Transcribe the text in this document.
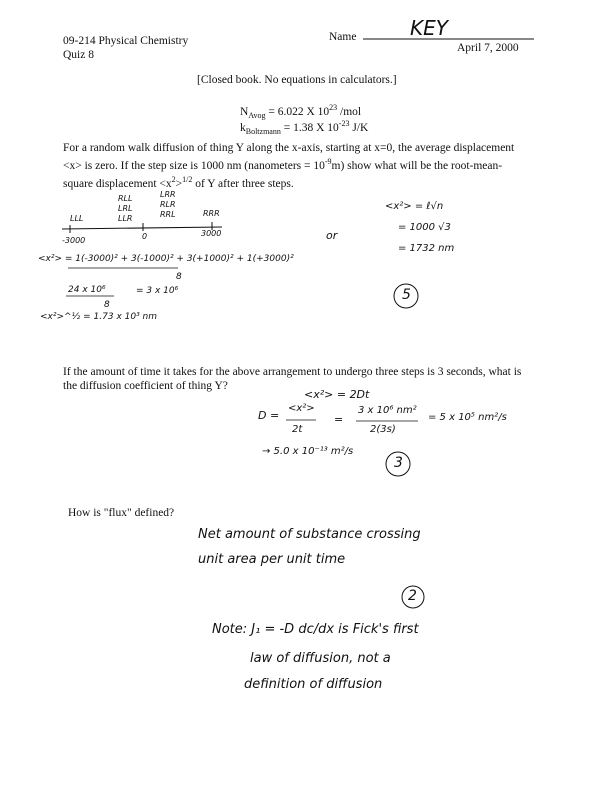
09-214 Physical Chemistry
Quiz 8
Name	KEY
April 7, 2000
[Closed book. No equations in calculators.]
$N_{Avog} = 6.022$ X $10^{23}$ /mol
$k_{Boltzmann} = 1.38$ X $10^{-23}$ J/K
For a random walk diffusion of thing Y along the x-axis, starting at x=0, the average displacement
<x> is zero. If the step size is 1000 nm (nanometers = $10^{-9}m$) show what will be the root-mean-
square displacement $<x^2>^{1/2}$ of Y after three steps.
LLL
RLL
LRL
LLR
LRR
RLR
RRL	RRR
-3000	0	3000
<x²> = 1(-3000)² + 3(-1000)² + 3(+1000)² + 1(+3000)²
8
24 x 10⁶
8
= 3 x 10⁶
<x²>^½ = 1.73 x 10³ nm
or
<x²> = ℓ√n
= 1000 √3
= 1732 nm
5
If the amount of time it takes for the above arrangement to undergo three steps is 3 seconds, what is
the diffusion coefficient of thing Y?
<x²> = 2Dt
D =
<x²>
2t
=
3 x 10⁶ nm²
2(3s)
= 5 x 10⁵ nm²/s
→ 5.0 x 10⁻¹³ m²/s
3
How is "flux" defined?
Net amount of substance crossing
unit area per unit time
2
Note: J₁ = -D dc/dx is Fick's first
law of diffusion, not a
definition of diffusion
